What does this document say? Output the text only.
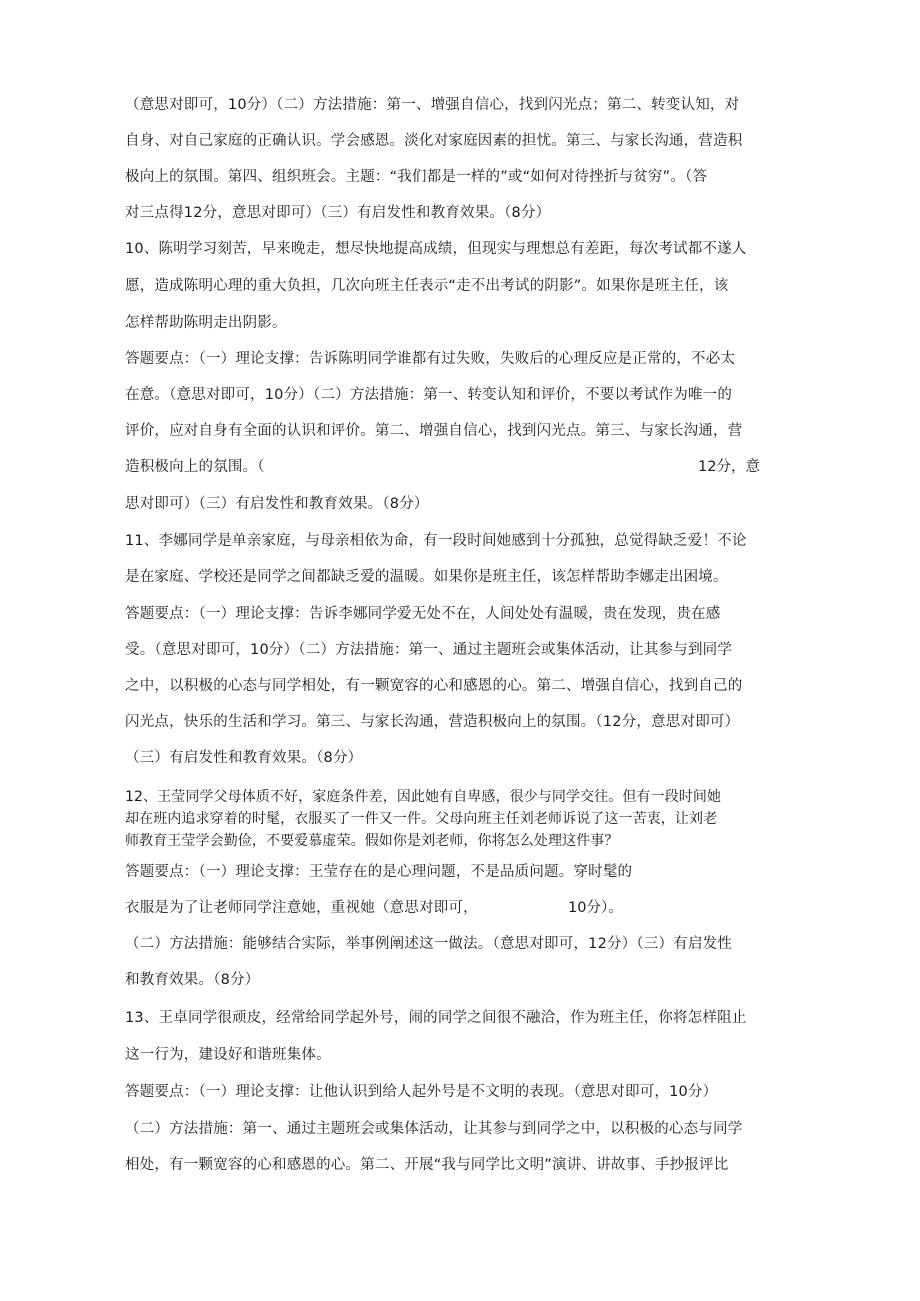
（意思对即可，10分）（二）方法措施：第一、增强自信心，找到闪光点；第二、转变认知，对
自身、对自己家庭的正确认识。学会感恩。淡化对家庭因素的担忧。第三、与家长沟通，营造积
极向上的氛围。第四、组织班会。主题：“我们都是一样的”或“如何对待挫折与贫穷”。（答
对三点得12分，意思对即可）（三）有启发性和教育效果。（8分）
10、陈明学习刻苦，早来晚走，想尽快地提高成绩，但现实与理想总有差距，每次考试都不遂人
愿，造成陈明心理的重大负担，几次向班主任表示“走不出考试的阴影”。如果你是班主任，该
怎样帮助陈明走出阴影。
答题要点：（一）理论支撑：告诉陈明同学谁都有过失败，失败后的心理反应是正常的，不必太
在意。（意思对即可，10分）（二）方法措施：第一、转变认知和评价，不要以考试作为唯一的
评价，应对自身有全面的认识和评价。第二、增强自信心，找到闪光点。第三、与家长沟通，营
造积极向上的氛围。（	12分，意
思对即可）（三）有启发性和教育效果。（8分）
11、李娜同学是单亲家庭，与母亲相依为命，有一段时间她感到十分孤独，总觉得缺乏爱！不论
是在家庭、学校还是同学之间都缺乏爱的温暖。如果你是班主任，该怎样帮助李娜走出困境。
答题要点：（一）理论支撑：告诉李娜同学爱无处不在，人间处处有温暖，贵在发现，贵在感
受。（意思对即可，10分）（二）方法措施：第一、通过主题班会或集体活动，让其参与到同学
之中，以积极的心态与同学相处，有一颗宽容的心和感恩的心。第二、增强自信心，找到自己的
闪光点，快乐的生活和学习。第三、与家长沟通，营造积极向上的氛围。（12分，意思对即可）
（三）有启发性和教育效果。（8分）
12、王莹同学父母体质不好，家庭条件差，因此她有自卑感，很少与同学交往。但有一段时间她
却在班内追求穿着的时髦，衣服买了一件又一件。父母向班主任刘老师诉说了这一苦衷，让刘老
师教育王莹学会勤俭，不要爱慕虚荣。假如你是刘老师，你将怎么处理这件事？
答题要点：（一）理论支撑：王莹存在的是心理问题，不是品质问题。穿时髦的
衣服是为了让老师同学注意她，重视她（意思对即可，	10分）。
（二）方法措施：能够结合实际，举事例阐述这一做法。（意思对即可，12分）（三）有启发性
和教育效果。（8分）
13、王卓同学很顽皮，经常给同学起外号，闹的同学之间很不融洽，作为班主任，你将怎样阻止
这一行为，建设好和谐班集体。
答题要点：（一）理论支撑：让他认识到给人起外号是不文明的表现。（意思对即可，10分）
（二）方法措施：第一、通过主题班会或集体活动，让其参与到同学之中，以积极的心态与同学
相处，有一颗宽容的心和感恩的心。第二、开展“我与同学比文明”演讲、讲故事、手抄报评比
